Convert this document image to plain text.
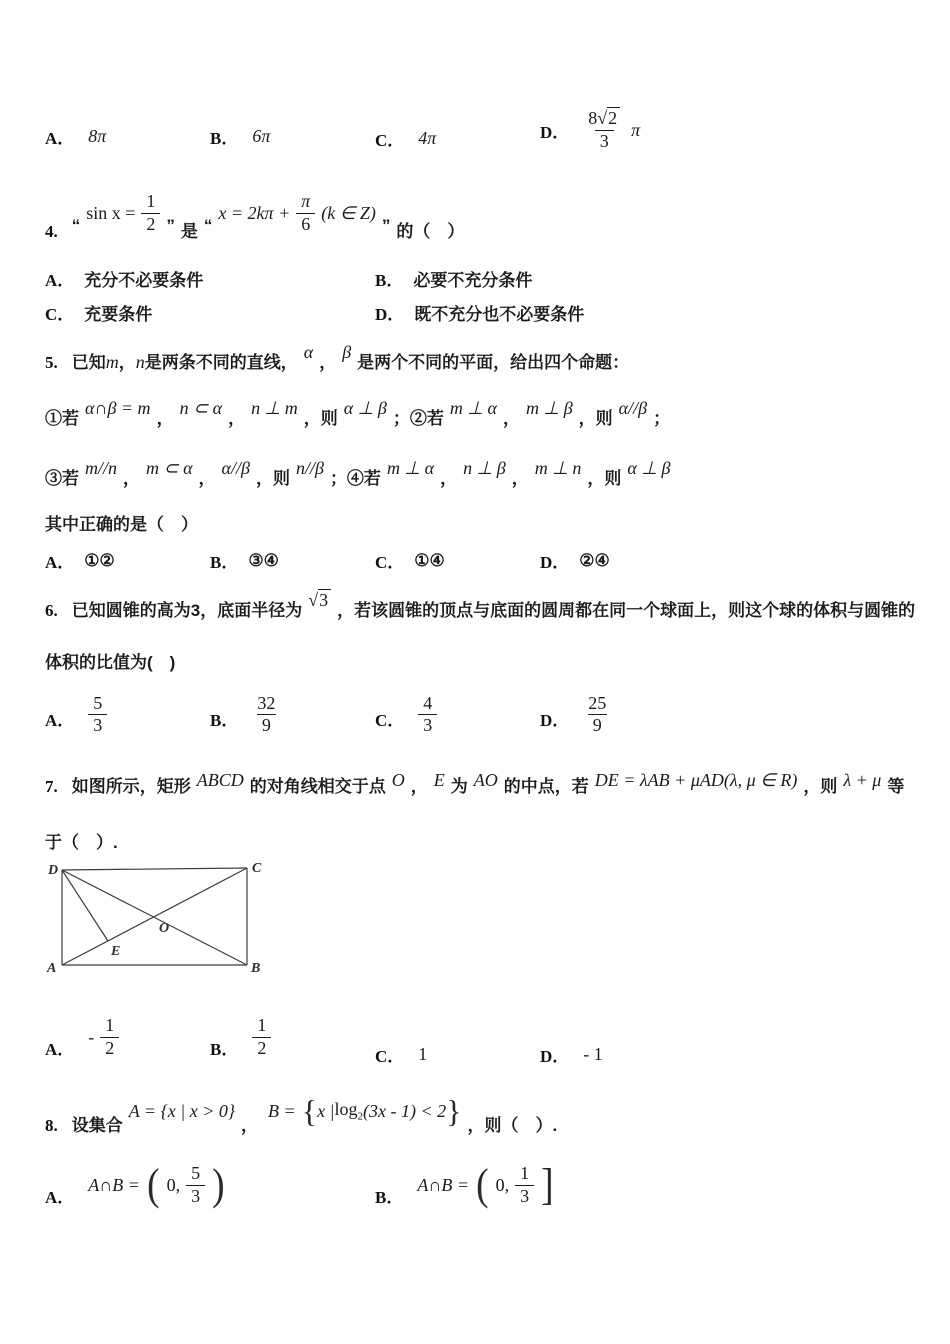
A． 8π	B． 6π	C． 4π	D． $\frac{8√2}{3}$ π
4. “
$\sin x = \frac{1}{2}$ ” 是 “
$x = 2k\pi + \frac{\pi}{6} (k$ ∈ Z)
” 的（　）
A． 充分不必要条件	B． 必要不充分条件
C． 充要条件	D． 既不充分也不必要条件
5. 已知 m ， n 是两条不同的直线，
α
，
β
是两个不同的平面，给出四个命题：
①若
α∩β = m
，
n ⊂ α
，
n ⊥ m
，则
α ⊥ β
；②若
m ⊥ α
，
m ⊥ β
，则
α//β
；
③若
m//n
，
m ⊂ α
，
α//β
，则
n//β
；④若
m ⊥ α
，
n ⊥ β
，
m ⊥ n
，则
α ⊥ β
其中正确的是（　）
A． ①②	B． ③④	C． ①④	D． ②④
6. 已知圆锥的高为3，底面半径为
√3
，若该圆锥的顶点与底面的圆周都在同一个球面上，则这个球的体积与圆锥的
体积的比值为(　)
A． $\frac{5}{3}$	B． $\frac{32}{9}$	C． $\frac{4}{3}$	D． $\frac{25}{9}$
7. 如图所示，矩形 ABCD 的对角线相交于点 O ， E 为 AO 的中点，若 DE = λAB + μAD(λ, μ ∈ R) ，则 λ + μ 等
于（　）.
D	C
A	B
O
E
A．
- $\frac{1}{2}$	B． $\frac{1}{2}$	C． 1	D． - 1
8. 设集合
A = {x | x > 0}
，
B = { x | $\log_2 (3x - 1) < 2$ } ，则（　）.
A．
A∩B = ( 0, $\frac{5}{3}$ )	B．
A∩B = ( 0, $\frac{1}{3}$ ]
